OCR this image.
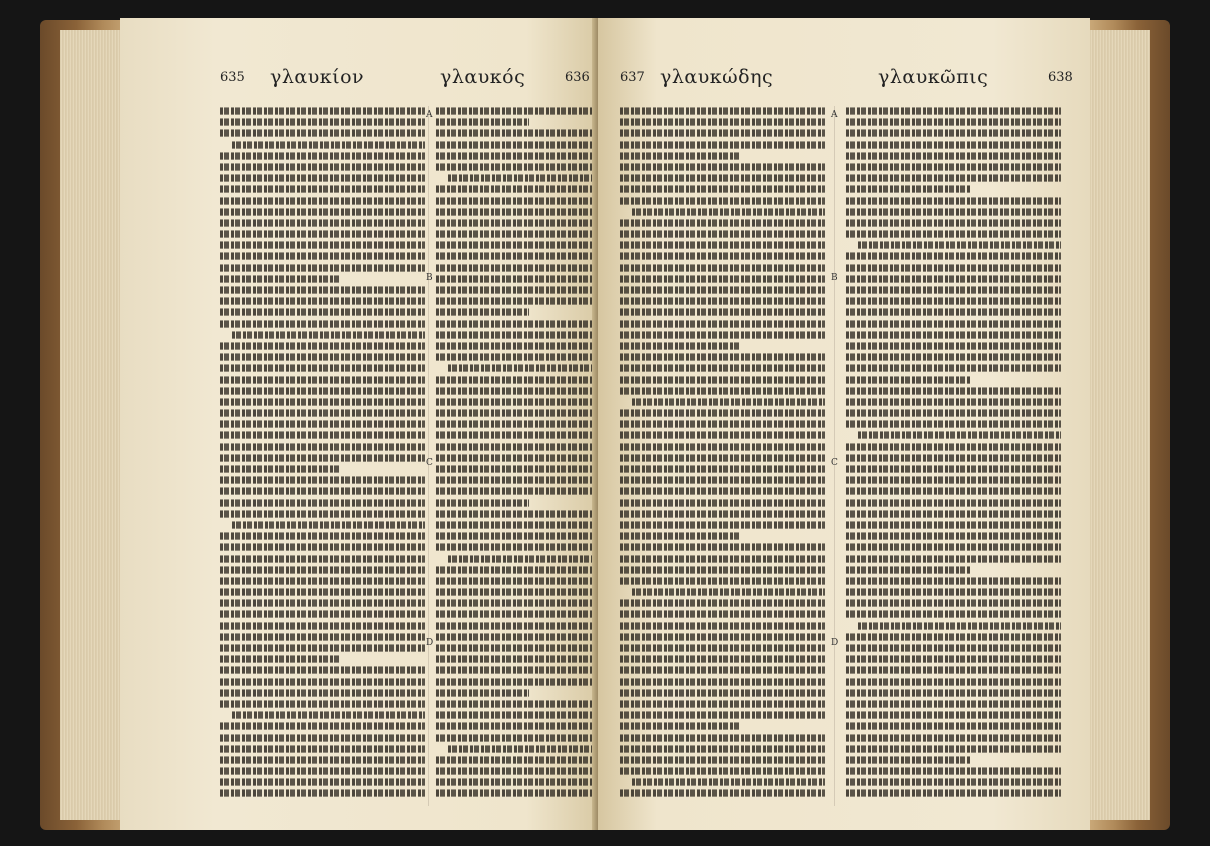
635 γλαυκίον	γλαυκός	636
A
B
C
D
637 γλαυκώδης	γλαυκῶπις	638
A
B
C
D
